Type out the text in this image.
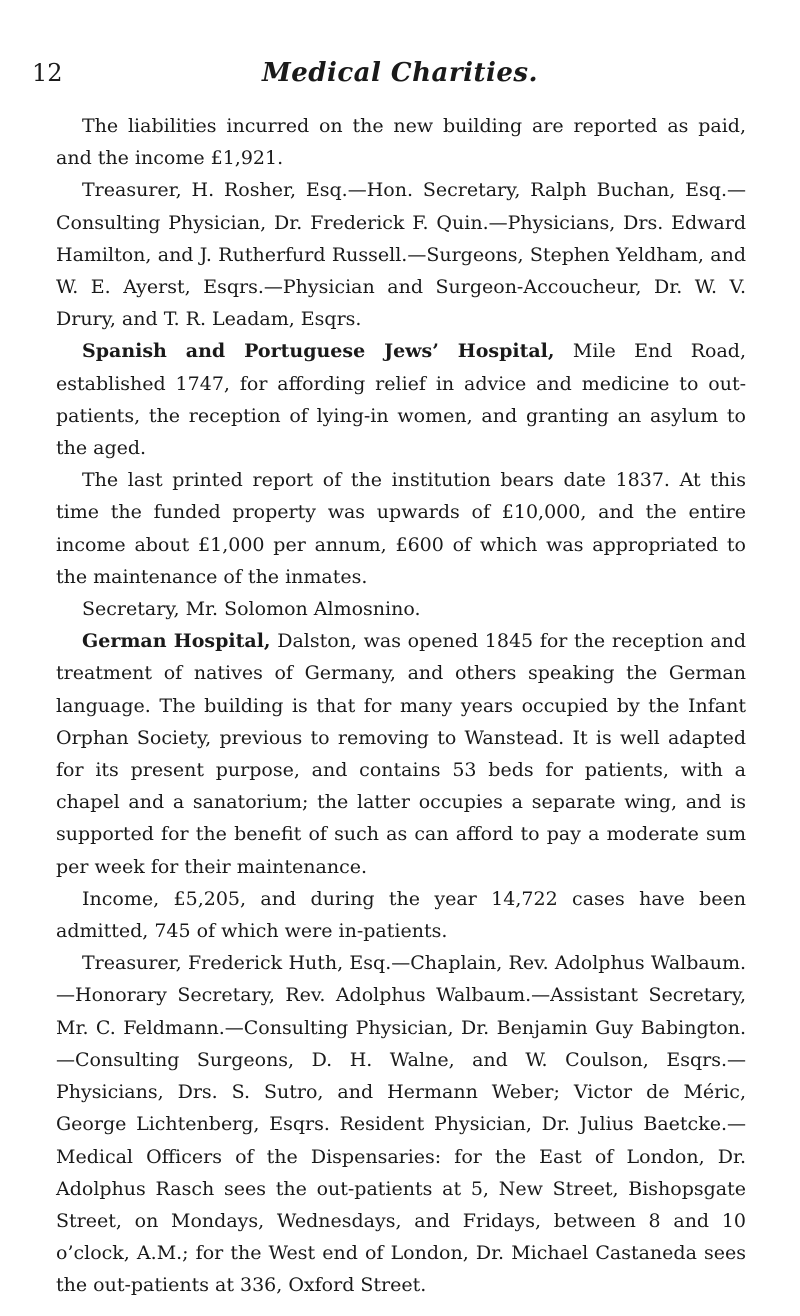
12	Medical Charities.

The liabilities incurred on the new building are reported as paid, and the income £1,921.

Treasurer, H. Rosher, Esq.—Hon. Secretary, Ralph Buchan, Esq.—Consulting Physician, Dr. Frederick F. Quin.—Physicians, Drs. Edward Hamilton, and J. Rutherfurd Russell.—Surgeons, Stephen Yeldham, and W. E. Ayerst, Esqrs.—Physician and Surgeon-Accoucheur, Dr. W. V. Drury, and T. R. Leadam, Esqrs.

Spanish and Portuguese Jews’ Hospital, Mile End Road, established 1747, for affording relief in advice and medicine to out-patients, the reception of lying-in women, and granting an asylum to the aged.

The last printed report of the institution bears date 1837. At this time the funded property was upwards of £10,000, and the entire income about £1,000 per annum, £600 of which was appropriated to the maintenance of the inmates.

Secretary, Mr. Solomon Almosnino.

German Hospital, Dalston, was opened 1845 for the reception and treatment of natives of Germany, and others speaking the German language. The building is that for many years occupied by the Infant Orphan Society, previous to removing to Wanstead. It is well adapted for its present purpose, and contains 53 beds for patients, with a chapel and a sanatorium; the latter occupies a separate wing, and is supported for the benefit of such as can afford to pay a moderate sum per week for their maintenance.

Income, £5,205, and during the year 14,722 cases have been admitted, 745 of which were in-patients.

Treasurer, Frederick Huth, Esq.—Chaplain, Rev. Adolphus Walbaum.—Honorary Secretary, Rev. Adolphus Walbaum.—Assistant Secretary, Mr. C. Feldmann.—Consulting Physician, Dr. Benjamin Guy Babington.—Consulting Surgeons, D. H. Walne, and W. Coulson, Esqrs.—Physicians, Drs. S. Sutro, and Hermann Weber; Victor de Méric, George Lichtenberg, Esqrs. Resident Physician, Dr. Julius Baetcke.—Medical Officers of the Dispensaries: for the East of London, Dr. Adolphus Rasch sees the out-patients at 5, New Street, Bishopsgate Street, on Mondays, Wednesdays, and Fridays, between 8 and 10 o’clock, A.M.; for the West end of London, Dr. Michael Castaneda sees the out-patients at 336, Oxford Street.
